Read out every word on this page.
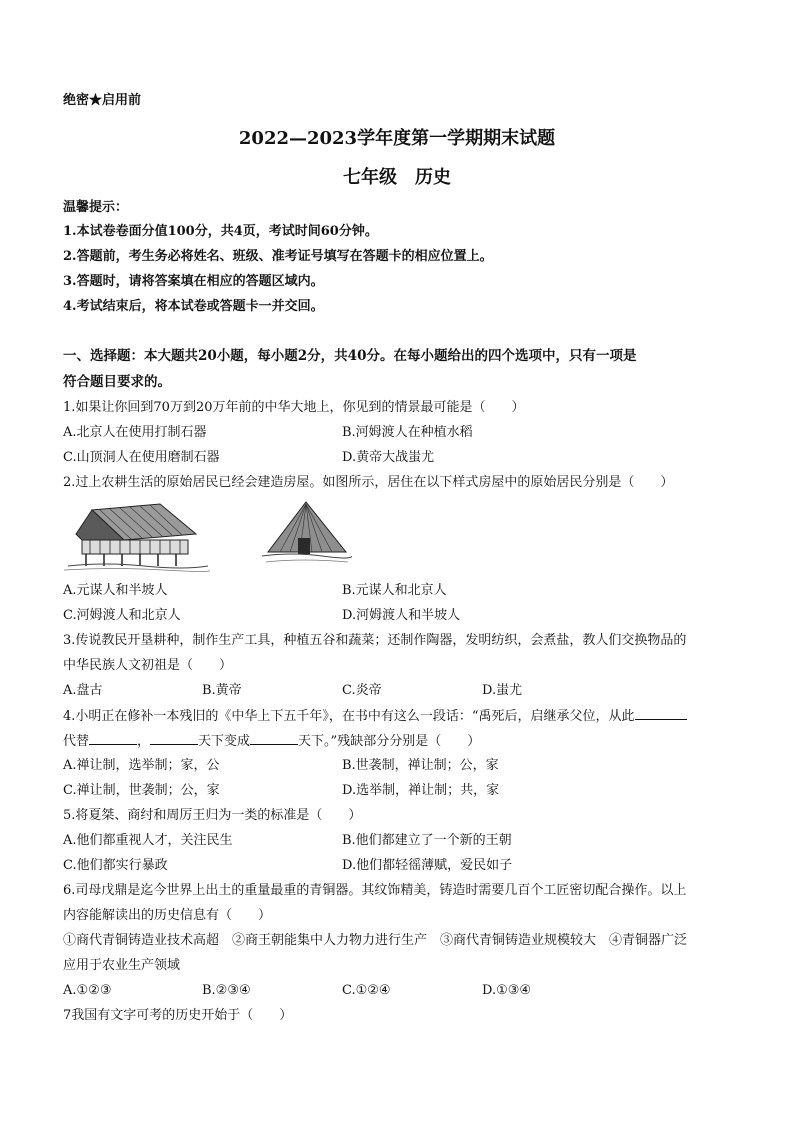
绝密★启用前
2022—2023学年度第一学期期末试题
七年级　历史
温馨提示：
1.本试卷卷面分值100分，共4页，考试时间60分钟。
2.答题前，考生务必将姓名、班级、准考证号填写在答题卡的相应位置上。
3.答题时，请将答案填在相应的答题区域内。
4.考试结束后，将本试卷或答题卡一并交回。
一、选择题：本大题共20小题，每小题2分，共40分。在每小题给出的四个选项中，只有一项是
符合题目要求的。
1.如果让你回到70万到20万年前的中华大地上，你见到的情景最可能是（　　）
A.北京人在使用打制石器	B.河姆渡人在种植水稻
C.山顶洞人在使用磨制石器	D.黄帝大战蚩尤
2.过上农耕生活的原始居民已经会建造房屋。如图所示，居住在以下样式房屋中的原始居民分别是（　　）
A.元谋人和半坡人	B.元谋人和北京人
C.河姆渡人和北京人	D.河姆渡人和半坡人
3.传说教民开垦耕种，制作生产工具，种植五谷和蔬菜；还制作陶器，发明纺织，会煮盐，教人们交换物品的
中华民族人文初祖是（　　）
A.盘古	B.黄帝	C.炎帝	D.蚩尤
4.小明正在修补一本残旧的《中华上下五千年》，在书中有这么一段话：“禹死后，启继承父位，从此
代替	，	天下变成	天下。”残缺部分分别是（　　）
A.禅让制，选举制；家，公	B.世袭制，禅让制；公，家
C.禅让制，世袭制；公，家	D.选举制，禅让制；共，家
5.将夏桀、商纣和周厉王归为一类的标准是（　　）
A.他们都重视人才，关注民生	B.他们都建立了一个新的王朝
C.他们都实行暴政	D.他们都轻徭薄赋，爱民如子
6.司母戊鼎是迄今世界上出土的重量最重的青铜器。其纹饰精美，铸造时需要几百个工匠密切配合操作。以上
内容能解读出的历史信息有（　　）
①商代青铜铸造业技术高超　②商王朝能集中人力物力进行生产　③商代青铜铸造业规模较大　④青铜器广泛
应用于农业生产领域
A.①②③	B.②③④	C.①②④	D.①③④
7我国有文字可考的历史开始于（　　）
